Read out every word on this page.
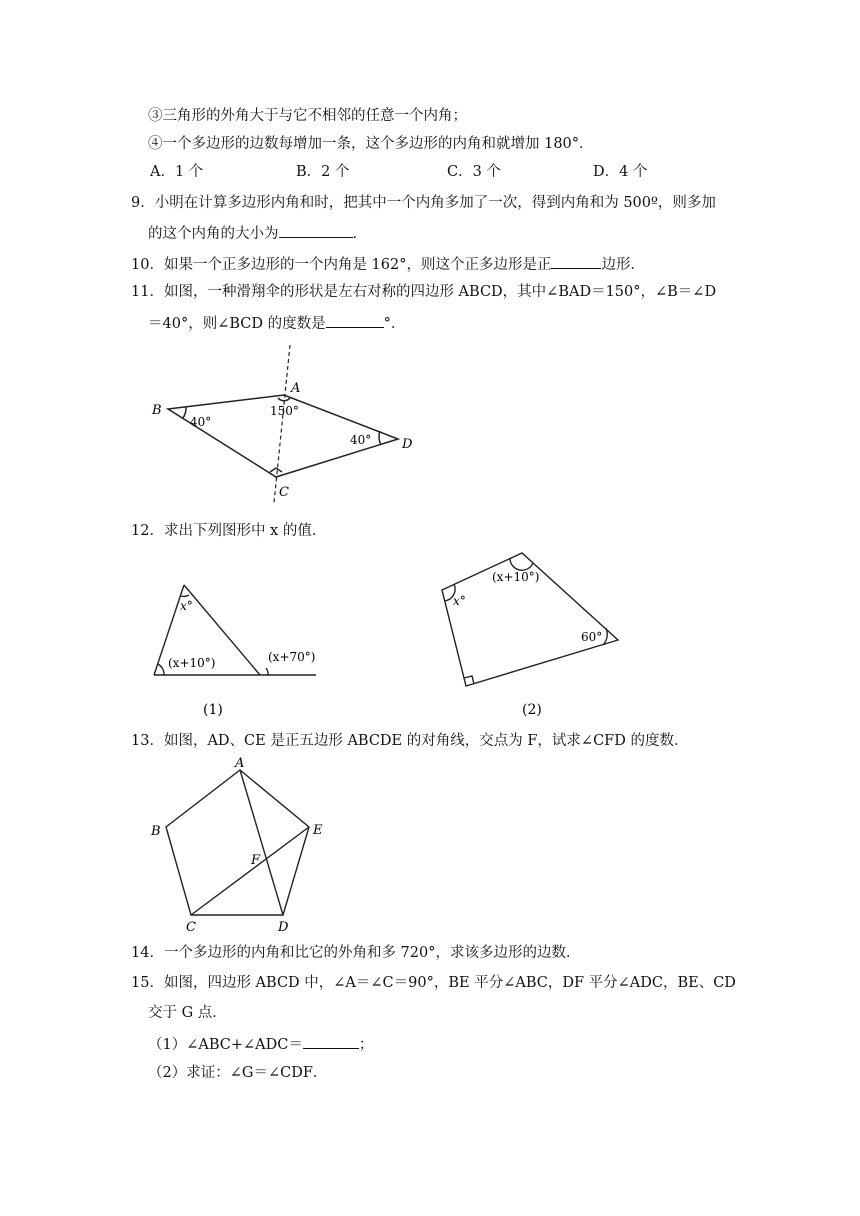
③三角形的外角大于与它不相邻的任意一个内角；
④一个多边形的边数每增加一条，这个多边形的内角和就增加 180°．
A．1 个	B．2 个	C．3 个	D．4 个
9．小明在计算多边形内角和时，把其中一个内角多加了一次，得到内角和为 500º，则多加
的这个内角的大小为	．
10．如果一个正多边形的一个内角是 162°，则这个正多边形是正	边形．
11．如图，一种滑翔伞的形状是左右对称的四边形 ABCD，其中∠BAD＝150°，∠B＝∠D
＝40°，则∠BCD 的度数是	°．
B
A
D
C
40°
150°
40°
12．求出下列图形中 x 的值．
x°
(x+10°)	(x+70°)
(1)
x°
(x+10°)
60°
(2)
13．如图，AD、CE 是正五边形 ABCDE 的对角线，交点为 F，试求∠CFD 的度数．
A
B
C	D
E
F
14．一个多边形的内角和比它的外角和多 720°，求该多边形的边数．
15．如图，四边形 ABCD 中，∠A＝∠C＝90°，BE 平分∠ABC，DF 平分∠ADC，BE、CD
交于 G 点．
（1）∠ABC+∠ADC＝	；
（2）求证：∠G＝∠CDF．
